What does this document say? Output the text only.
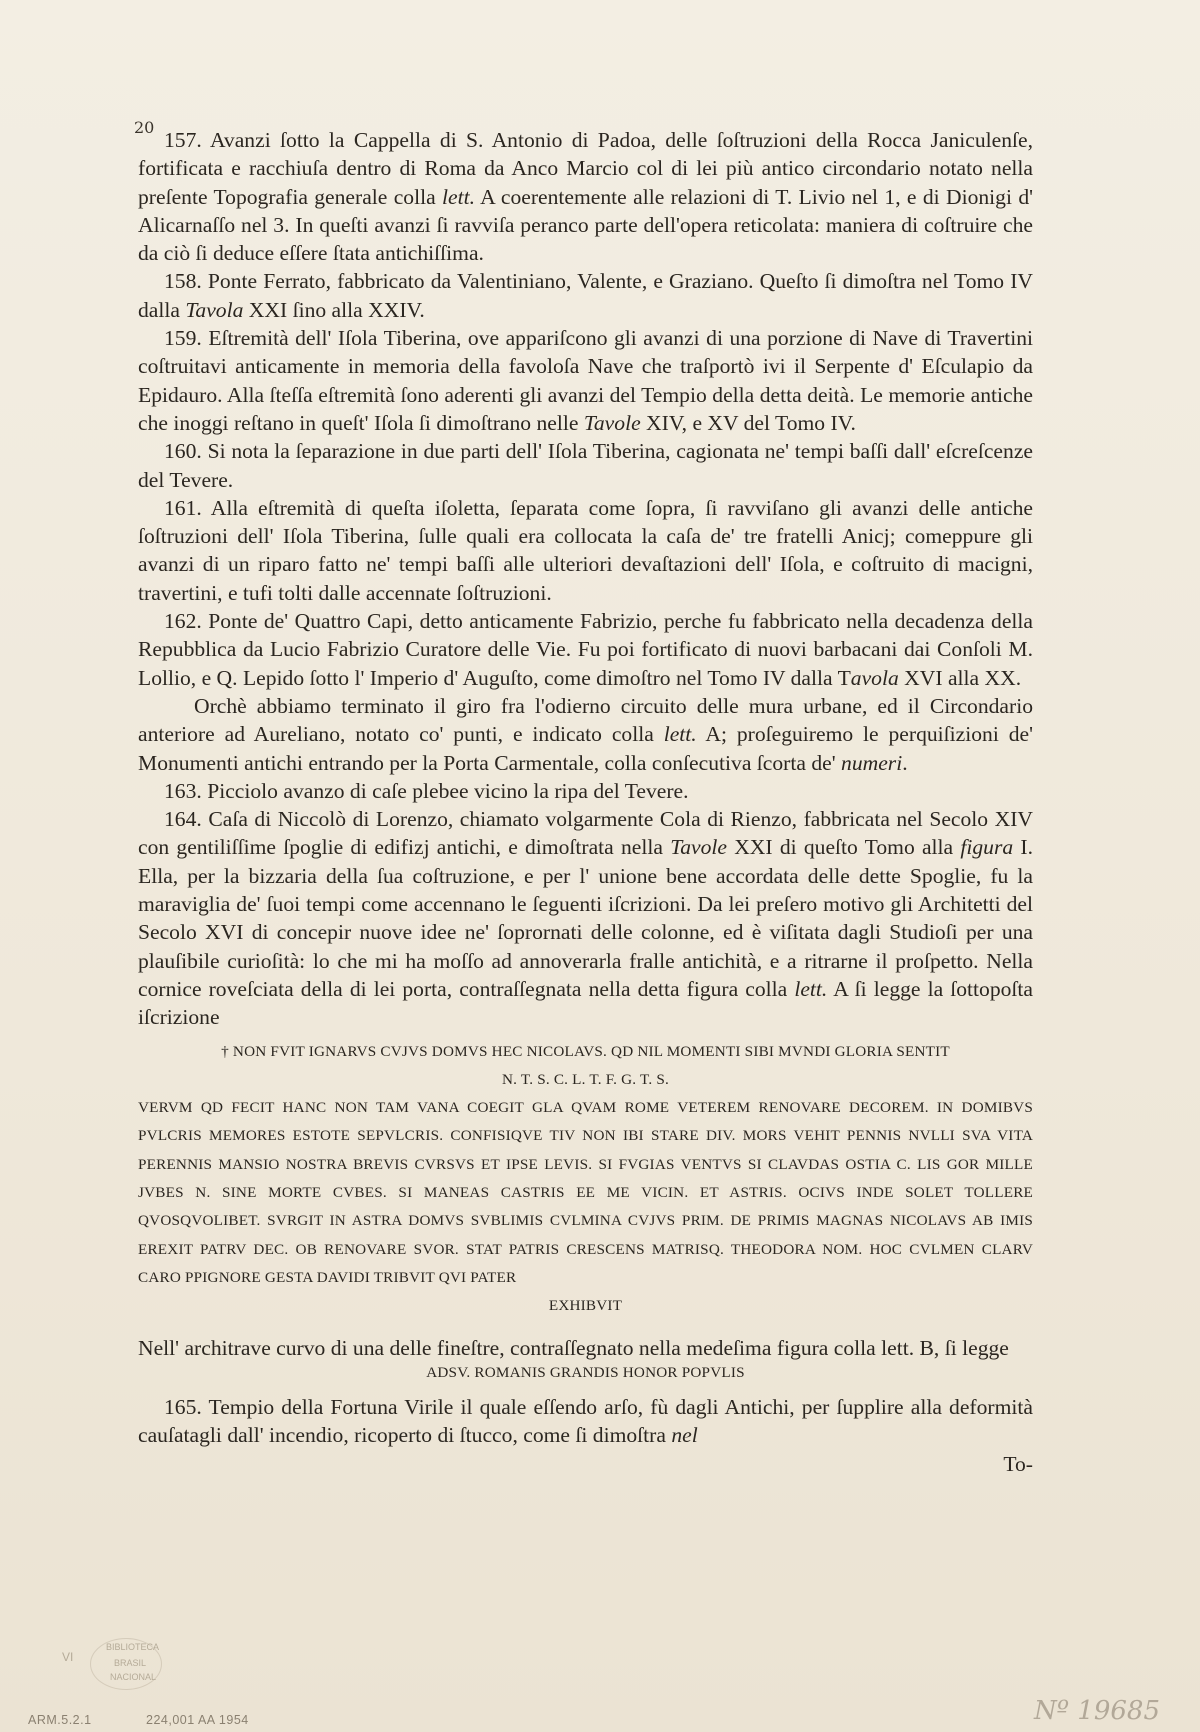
20

157. Avanzi ſotto la Cappella di S. Antonio di Padoa, delle ſoſtruzioni della Rocca Janiculenſe, fortificata e racchiuſa dentro di Roma da Anco Marcio col di lei più antico circondario notato nella preſente Topografia generale colla lett. A coerentemente alle relazioni di T. Livio nel 1, e di Dionigi d' Alicarnaſſo nel 3. In queſti avanzi ſi ravviſa peranco parte dell'opera reticolata: maniera di coſtruire che da ciò ſi deduce eſſere ſtata antichiſſima.

158. Ponte Ferrato, fabbricato da Valentiniano, Valente, e Graziano. Queſto ſi dimoſtra nel Tomo IV dalla Tavola XXI ſino alla XXIV.

159. Eſtremità dell' Iſola Tiberina, ove appariſcono gli avanzi di una porzione di Nave di Travertini coſtruitavi anticamente in memoria della favoloſa Nave che traſportò ivi il Serpente d' Eſculapio da Epidauro. Alla ſteſſa eſtremità ſono aderenti gli avanzi del Tempio della detta deità. Le memorie antiche che inoggi reſtano in queſt' Iſola ſi dimoſtrano nelle Tavole XIV, e XV del Tomo IV.

160. Si nota la ſeparazione in due parti dell' Iſola Tiberina, cagionata ne' tempi baſſi dall' eſcreſcenze del Tevere.

161. Alla eſtremità di queſta iſoletta, ſeparata come ſopra, ſi ravviſano gli avanzi delle antiche ſoſtruzioni dell' Iſola Tiberina, ſulle quali era collocata la caſa de' tre fratelli Anicj; comeppure gli avanzi di un riparo fatto ne' tempi baſſi alle ulteriori devaſtazioni dell' Iſola, e coſtruito di macigni, travertini, e tufi tolti dalle accennate ſoſtruzioni.

162. Ponte de' Quattro Capi, detto anticamente Fabrizio, perche fu fabbricato nella decadenza della Repubblica da Lucio Fabrizio Curatore delle Vie. Fu poi fortificato di nuovi barbacani dai Conſoli M. Lollio, e Q. Lepido ſotto l' Imperio d' Auguſto, come dimoſtro nel Tomo IV dalla Tavola XVI alla XX.

Orchè abbiamo terminato il giro fra l'odierno circuito delle mura urbane, ed il Circondario anteriore ad Aureliano, notato co' punti, e indicato colla lett. A; proſeguiremo le perquiſizioni de' Monumenti antichi entrando per la Porta Carmentale, colla conſecutiva ſcorta de' numeri.

163. Picciolo avanzo di caſe plebee vicino la ripa del Tevere.

164. Caſa di Niccolò di Lorenzo, chiamato volgarmente Cola di Rienzo, fabbricata nel Secolo XIV con gentiliſſime ſpoglie di edifizj antichi, e dimoſtrata nella Tavole XXI di queſto Tomo alla figura I. Ella, per la bizzaria della ſua coſtruzione, e per l' unione bene accordata delle dette Spoglie, fu la maraviglia de' ſuoi tempi come accennano le ſeguenti iſcrizioni. Da lei preſero motivo gli Architetti del Secolo XVI di concepir nuove idee ne' ſoprornati delle colonne, ed è viſitata dagli Studioſi per una plauſibile curioſità: lo che mi ha moſſo ad annoverarla fralle antichità, e a ritrarne il proſpetto. Nella cornice roveſciata della di lei porta, contraſſegnata nella detta figura colla lett. A ſi legge la ſottopoſta iſcrizione

† NON FVIT IGNARVS CVJVS DOMVS HEC NICOLAVS. QD NIL MOMENTI SIBI MVNDI GLORIA SENTIT
N. T. S. C. L. T. F. G. T. S.
VERVM QD FECIT HANC NON TAM VANA COEGIT GLA QVAM ROME VETEREM RENOVARE DECOREM. IN DOMIBVS PVLCRIS MEMORES ESTOTE SEPVLCRIS. CONFISIQVE TIV NON IBI STARE DIV. MORS VEHIT PENNIS NVLLI SVA VITA PERENNIS MANSIO NOSTRA BREVIS CVRSVS ET IPSE LEVIS. SI FVGIAS VENTVS SI CLAVDAS OSTIA C. LIS GOR MILLE JVBES N. SINE MORTE CVBES. SI MANEAS CASTRIS EE ME VICIN. ET ASTRIS. OCIVS INDE SOLET TOLLERE QVOSQVOLIBET. SVRGIT IN ASTRA DOMVS SVBLIMIS CVLMINA CVJVS PRIM. DE PRIMIS MAGNAS NICOLAVS AB IMIS EREXIT PATRV DEC. OB RENOVARE SVOR. STAT PATRIS CRESCENS MATRISQ. THEODORA NOM. HOC CVLMEN CLARV CARO PPIGNORE GESTA DAVIDI TRIBVIT QVI PATER
EXHIBVIT

Nell' architrave curvo di una delle fineſtre, contraſſegnato nella medeſima figura colla lett. B, ſi legge

ADSV. ROMANIS GRANDIS HONOR POPVLIS

165. Tempio della Fortuna Virile il quale eſſendo arſo, fù dagli Antichi, per ſupplire alla deformità cauſatagli dall' incendio, ricoperto di ſtucco, come ſi dimoſtra nel

To-

VI
BIBLIOTECA
BRASIL
NACIONAL
ARM.5.2.1	224,001 AA 1954	Nº 19685
